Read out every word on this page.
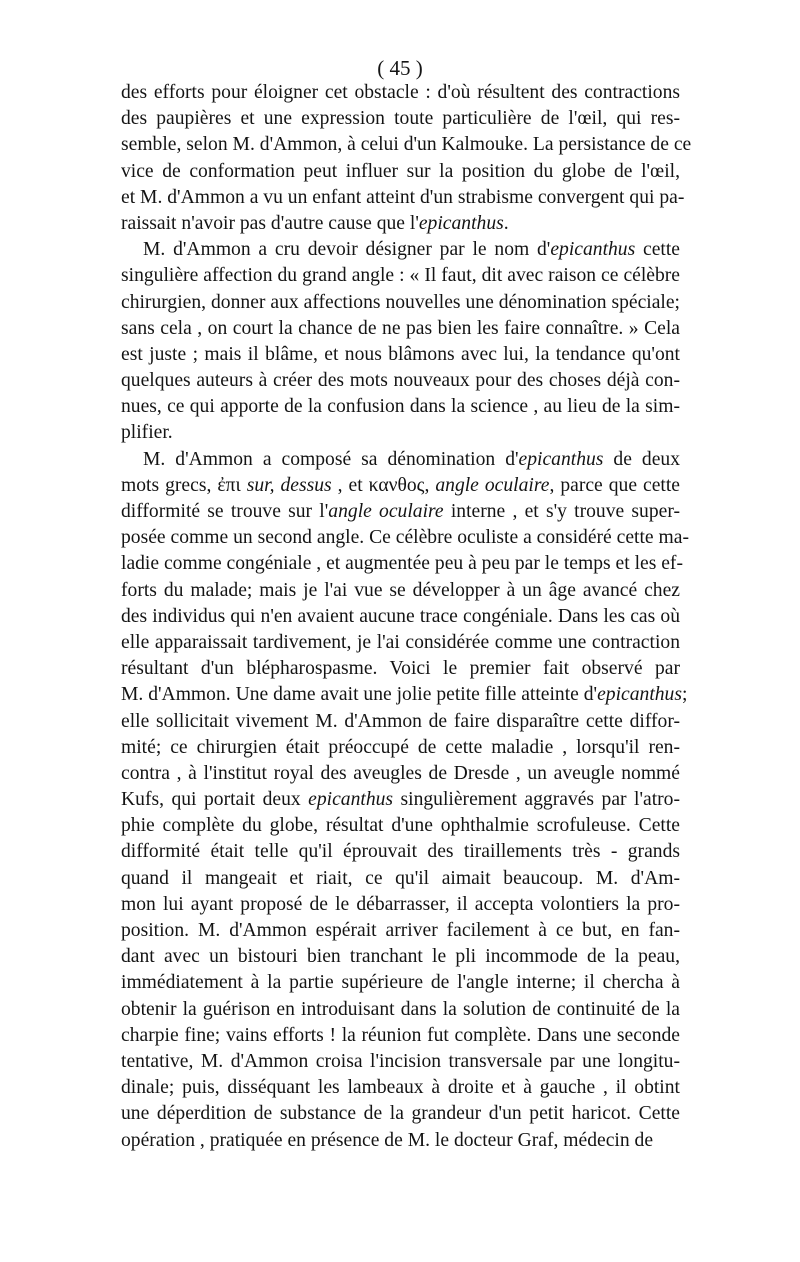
( 45 )
des efforts pour éloigner cet obstacle : d'où résultent des contractions
des paupières et une expression toute particulière de l'œil, qui res-
semble, selon M. d'Ammon, à celui d'un Kalmouke. La persistance de ce
vice de conformation peut influer sur la position du globe de l'œil,
et M. d'Ammon a vu un enfant atteint d'un strabisme convergent qui pa-
raissait n'avoir pas d'autre cause que l'epicanthus.
M. d'Ammon a cru devoir désigner par le nom d'epicanthus cette
singulière affection du grand angle : « Il faut, dit avec raison ce célèbre
chirurgien, donner aux affections nouvelles une dénomination spéciale;
sans cela , on court la chance de ne pas bien les faire connaître. » Cela
est juste ; mais il blâme, et nous blâmons avec lui, la tendance qu'ont
quelques auteurs à créer des mots nouveaux pour des choses déjà con-
nues, ce qui apporte de la confusion dans la science , au lieu de la sim-
plifier.
M. d'Ammon a composé sa dénomination d'epicanthus de deux
mots grecs, ἐπι sur, dessus , et κανθος, angle oculaire, parce que cette
difformité se trouve sur l'angle oculaire interne , et s'y trouve super-
posée comme un second angle. Ce célèbre oculiste a considéré cette ma-
ladie comme congéniale , et augmentée peu à peu par le temps et les ef-
forts du malade; mais je l'ai vue se développer à un âge avancé chez
des individus qui n'en avaient aucune trace congéniale. Dans les cas où
elle apparaissait tardivement, je l'ai considérée comme une contraction
résultant d'un blépharospasme. Voici le premier fait observé par
M. d'Ammon. Une dame avait une jolie petite fille atteinte d'epicanthus;
elle sollicitait vivement M. d'Ammon de faire disparaître cette diffor-
mité; ce chirurgien était préoccupé de cette maladie , lorsqu'il ren-
contra , à l'institut royal des aveugles de Dresde , un aveugle nommé
Kufs, qui portait deux epicanthus singulièrement aggravés par l'atro-
phie complète du globe, résultat d'une ophthalmie scrofuleuse. Cette
difformité était telle qu'il éprouvait des tiraillements très - grands
quand il mangeait et riait, ce qu'il aimait beaucoup. M. d'Am-
mon lui ayant proposé de le débarrasser, il accepta volontiers la pro-
position. M. d'Ammon espérait arriver facilement à ce but, en fan-
dant avec un bistouri bien tranchant le pli incommode de la peau,
immédiatement à la partie supérieure de l'angle interne; il chercha à
obtenir la guérison en introduisant dans la solution de continuité de la
charpie fine; vains efforts ! la réunion fut complète. Dans une seconde
tentative, M. d'Ammon croisa l'incision transversale par une longitu-
dinale; puis, disséquant les lambeaux à droite et à gauche , il obtint
une déperdition de substance de la grandeur d'un petit haricot. Cette
opération , pratiquée en présence de M. le docteur Graf, médecin de
